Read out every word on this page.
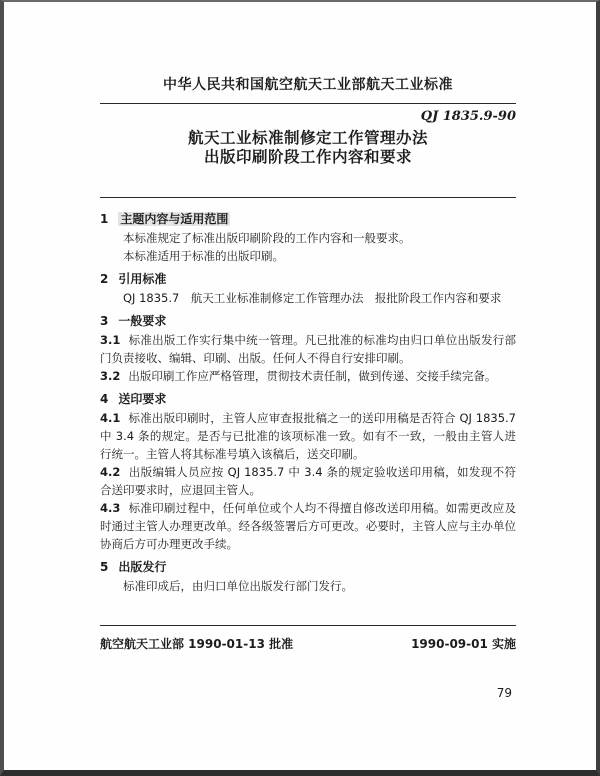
中华人民共和国航空航天工业部航天工业标准
QJ 1835.9-90
航天工业标准制修定工作管理办法
出版印刷阶段工作内容和要求
1 主题内容与适用范围

本标准规定了标准出版印刷阶段的工作内容和一般要求。

本标准适用于标准的出版印刷。

2 引用标准

QJ 1835.7　航天工业标准制修定工作管理办法　报批阶段工作内容和要求

3 一般要求

3.1 标准出版工作实行集中统一管理。凡已批准的标准均由归口单位出版发行部门负责接收、编辑、印刷、出版。任何人不得自行安排印刷。

3.2 出版印刷工作应严格管理，贯彻技术责任制，做到传递、交接手续完备。

4 送印要求

4.1 标准出版印刷时，主管人应审查报批稿之一的送印用稿是否符合 QJ 1835.7 中 3.4 条的规定。是否与已批准的该项标准一致。如有不一致，一般由主管人进行统一。主管人将其标准号填入该稿后，送交印刷。

4.2 出版编辑人员应按 QJ 1835.7 中 3.4 条的规定验收送印用稿，如发现不符合送印要求时，应退回主管人。

4.3 标准印刷过程中，任何单位或个人均不得擅自修改送印用稿。如需更改应及时通过主管人办理更改单。经各级签署后方可更改。必要时，主管人应与主办单位协商后方可办理更改手续。

5 出版发行

标准印成后，由归口单位出版发行部门发行。

航空航天工业部 1990-01-13 批准	1990-09-01 实施
79
